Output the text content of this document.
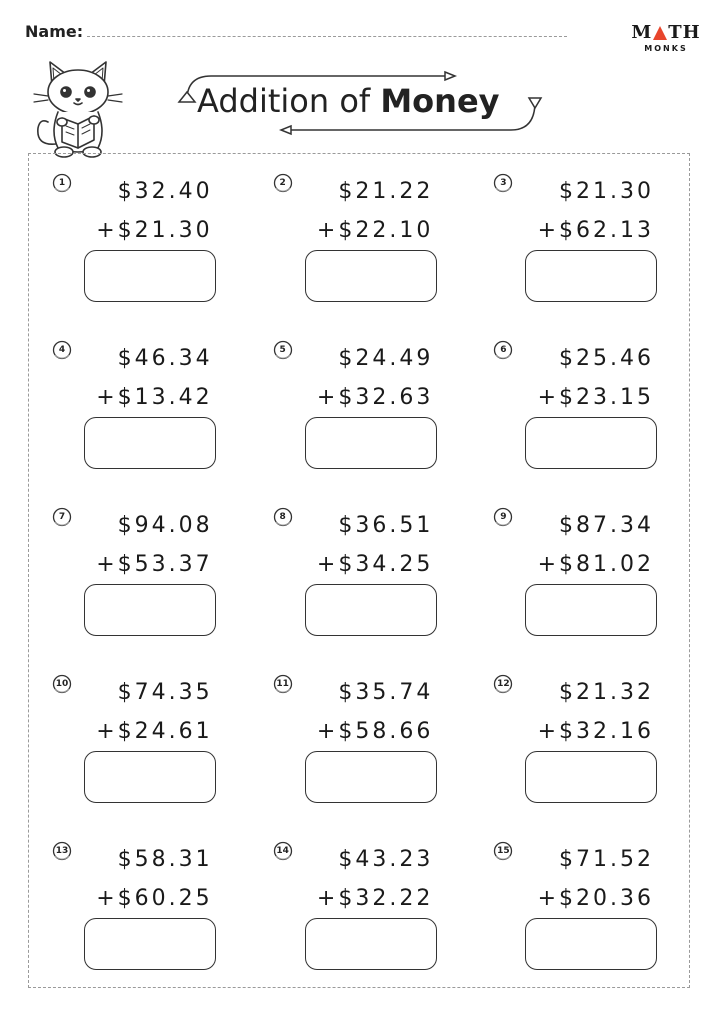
Name:	M TH
MONKS
Addition of Money
1	$32.40
+$21.30
2	$21.22
+$22.10
3	$21.30
+$62.13
4	$46.34
+$13.42
5	$24.49
+$32.63
6	$25.46
+$23.15
7	$94.08
+$53.37
8	$36.51
+$34.25
9	$87.34
+$81.02
10 $74.35
+$24.61
11 $35.74
+$58.66
12 $21.32
+$32.16
13 $58.31
+$60.25
14 $43.23
+$32.22
15 $71.52
+$20.36
